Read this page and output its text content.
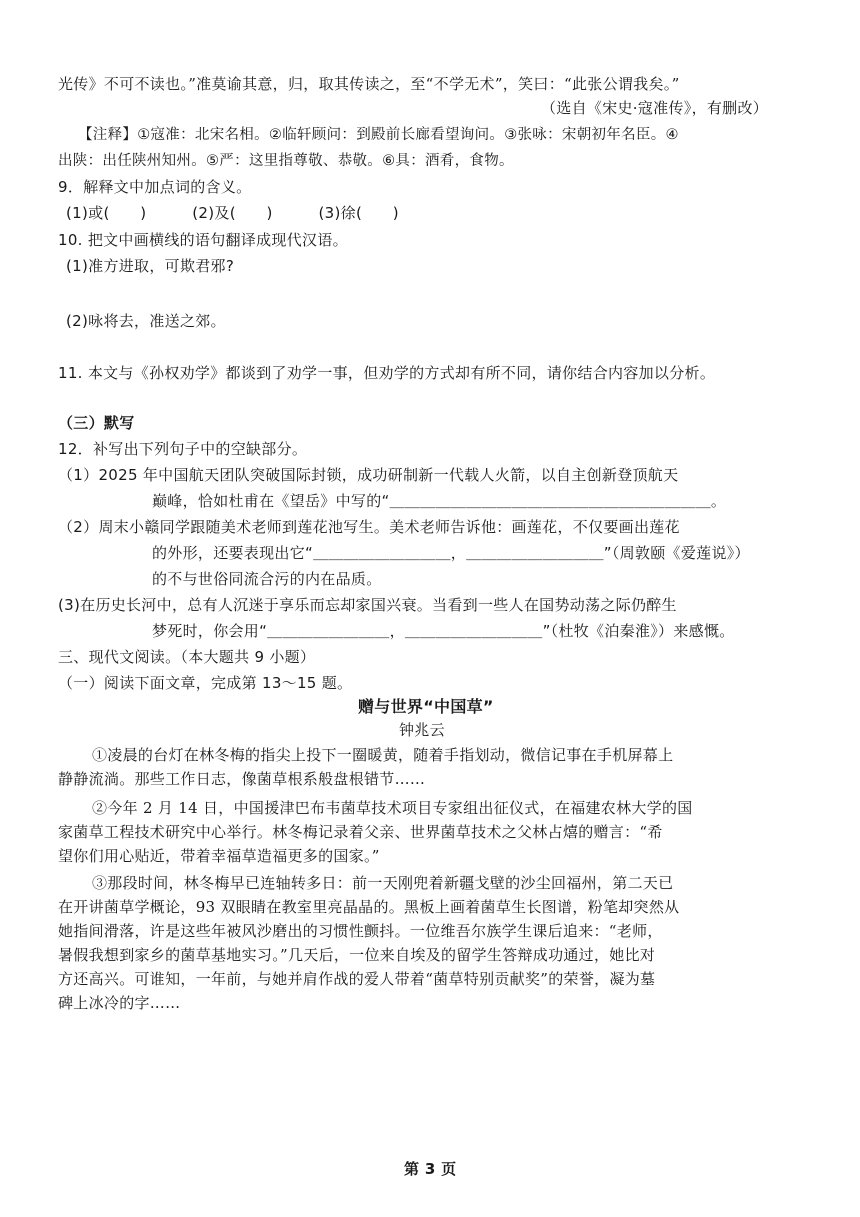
光传》不可不读也。”准莫谕其意，归，取其传读之，至“不学无术”，笑曰：“此张公谓我矣。”
（选自《宋史·寇准传》，有删改）
【注释】①寇准：北宋名相。②临轩顾问：到殿前长廊看望询问。③张咏：宋朝初年名臣。④
出陕：出任陕州知州。⑤严：这里指尊敬、恭敬。⑥具：酒肴，食物。
9．解释文中加点词的含义。
(1)或(　　)　　　(2)及(　　)　　　(3)徐(　　)
10. 把文中画横线的语句翻译成现代汉语。
(1)准方进取，可欺君邪?
(2)咏将去，准送之郊。
11. 本文与《孙权劝学》都谈到了劝学一事，但劝学的方式却有所不同，请你结合内容加以分析。
（三）默写
12．补写出下列句子中的空缺部分。
（1）2025 年中国航天团队突破国际封锁，成功研制新一代载人火箭，以自主创新登顶航天
巅峰，恰如杜甫在《望岳》中写的“＿＿＿＿＿＿＿＿＿＿＿＿＿＿＿＿＿＿＿＿＿。
（2）周末小赣同学跟随美术老师到莲花池写生。美术老师告诉他：画莲花，不仅要画出莲花
的外形，还要表现出它“＿＿＿＿＿＿＿＿＿，＿＿＿＿＿＿＿＿＿”（周敦颐《爱莲说》）
的不与世俗同流合污的内在品质。
(3)在历史长河中，总有人沉迷于享乐而忘却家国兴衰。当看到一些人在国势动荡之际仍醉生
梦死时，你会用“＿＿＿＿＿＿＿＿，＿＿＿＿＿＿＿＿＿”（杜牧《泊秦淮》）来感慨。
三、现代文阅读。（本大题共 9 小题）
（一）阅读下面文章，完成第 13～15 题。
赠与世界“中国草”
钟兆云
①凌晨的台灯在林冬梅的指尖上投下一圈暖黄，随着手指划动，微信记事在手机屏幕上
静静流淌。那些工作日志，像菌草根系般盘根错节……
②今年 2 月 14 日，中国援津巴布韦菌草技术项目专家组出征仪式，在福建农林大学的国
家菌草工程技术研究中心举行。林冬梅记录着父亲、世界菌草技术之父林占熺的赠言：“希
望你们用心贴近，带着幸福草造福更多的国家。”
③那段时间，林冬梅早已连轴转多日：前一天刚兜着新疆戈壁的沙尘回福州，第二天已
在开讲菌草学概论，93 双眼睛在教室里亮晶晶的。黑板上画着菌草生长图谱，粉笔却突然从
她指间滑落，许是这些年被风沙磨出的习惯性颤抖。一位维吾尔族学生课后追来：“老师，
暑假我想到家乡的菌草基地实习。”几天后，一位来自埃及的留学生答辩成功通过，她比对
方还高兴。可谁知，一年前，与她并肩作战的爱人带着“菌草特别贡献奖”的荣誉，凝为墓
碑上冰冷的字……
第 3 页
